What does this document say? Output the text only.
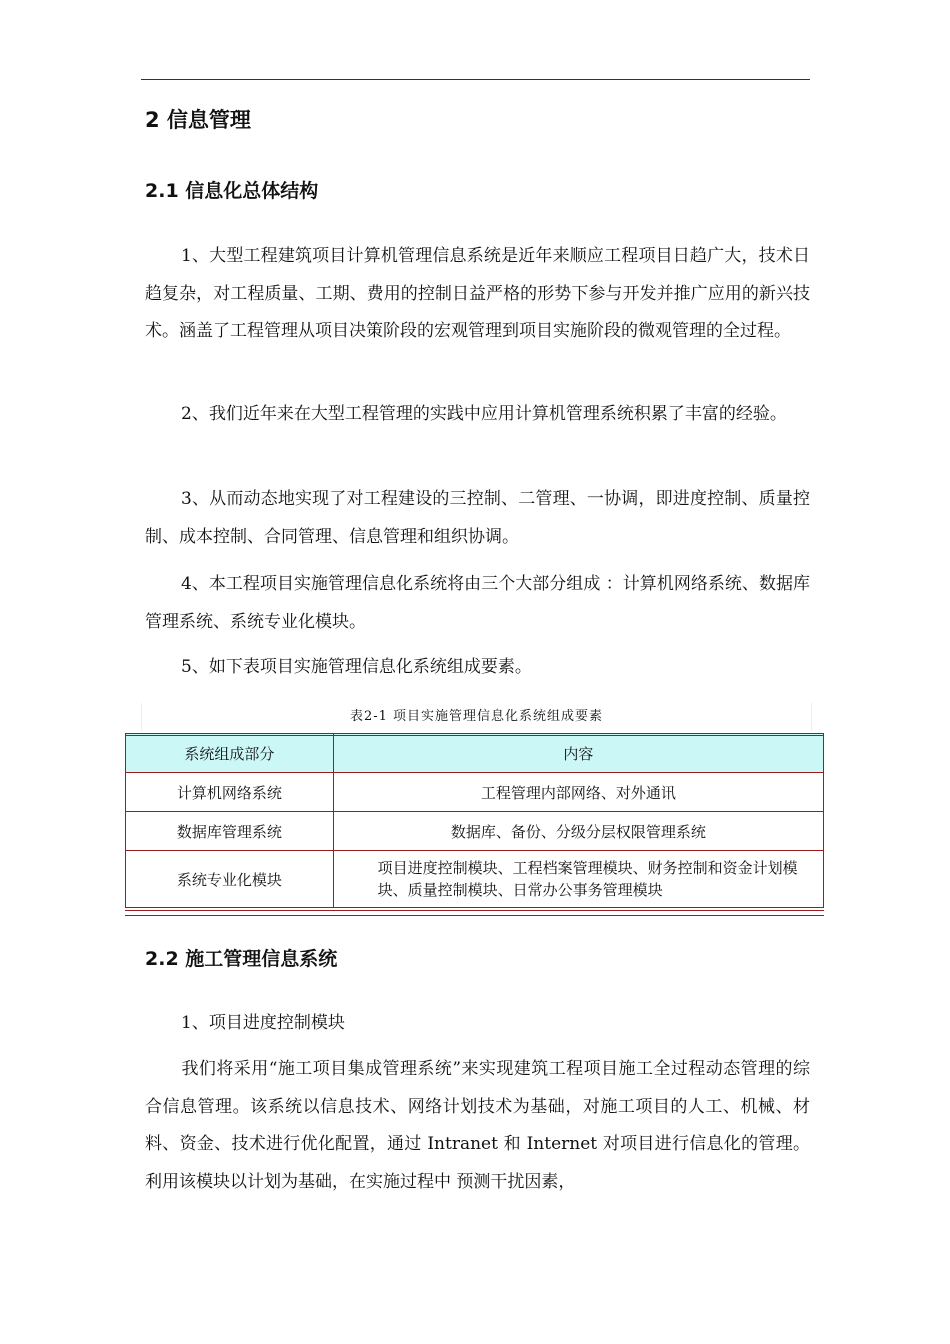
2 信息管理
2.1 信息化总体结构

1、大型工程建筑项目计算机管理信息系统是近年来顺应工程项目日趋广大，技术日趋复杂，对工程质量、工期、费用的控制日益严格的形势下参与开发并推广应用的新兴技术。涵盖了工程管理从项目决策阶段的宏观管理到项目实施阶段的微观管理的全过程。

2、我们近年来在大型工程管理的实践中应用计算机管理系统积累了丰富的经验。

3、从而动态地实现了对工程建设的三控制、二管理、一协调，即进度控制、质量控制、成本控制、合同管理、信息管理和组织协调。

4、本工程项目实施管理信息化系统将由三个大部分组成 ：计算机网络系统、数据库管理系统、系统专业化模块。

5、如下表项目实施管理信息化系统组成要素。

表2-1 项目实施管理信息化系统组成要素
系统组成部分	内容
计算机网络系统	工程管理内部网络、对外通讯
数据库管理系统	数据库、备份、分级分层权限管理系统
系统专业化模块	项目进度控制模块、工程档案管理模块、财务控制和资金计划模块、质量控制模块、日常办公事务管理模块
2.2 施工管理信息系统

1、项目进度控制模块

我们将采用“施工项目集成管理系统”来实现建筑工程项目施工全过程动态管理的综合信息管理。该系统以信息技术、网络计划技术为基础，对施工项目的人工、机械、材料、资金、技术进行优化配置，通过 Intranet 和 Internet 对项目进行信息化的管理。利用该模块以计划为基础，在实施过程中 预测干扰因素，
